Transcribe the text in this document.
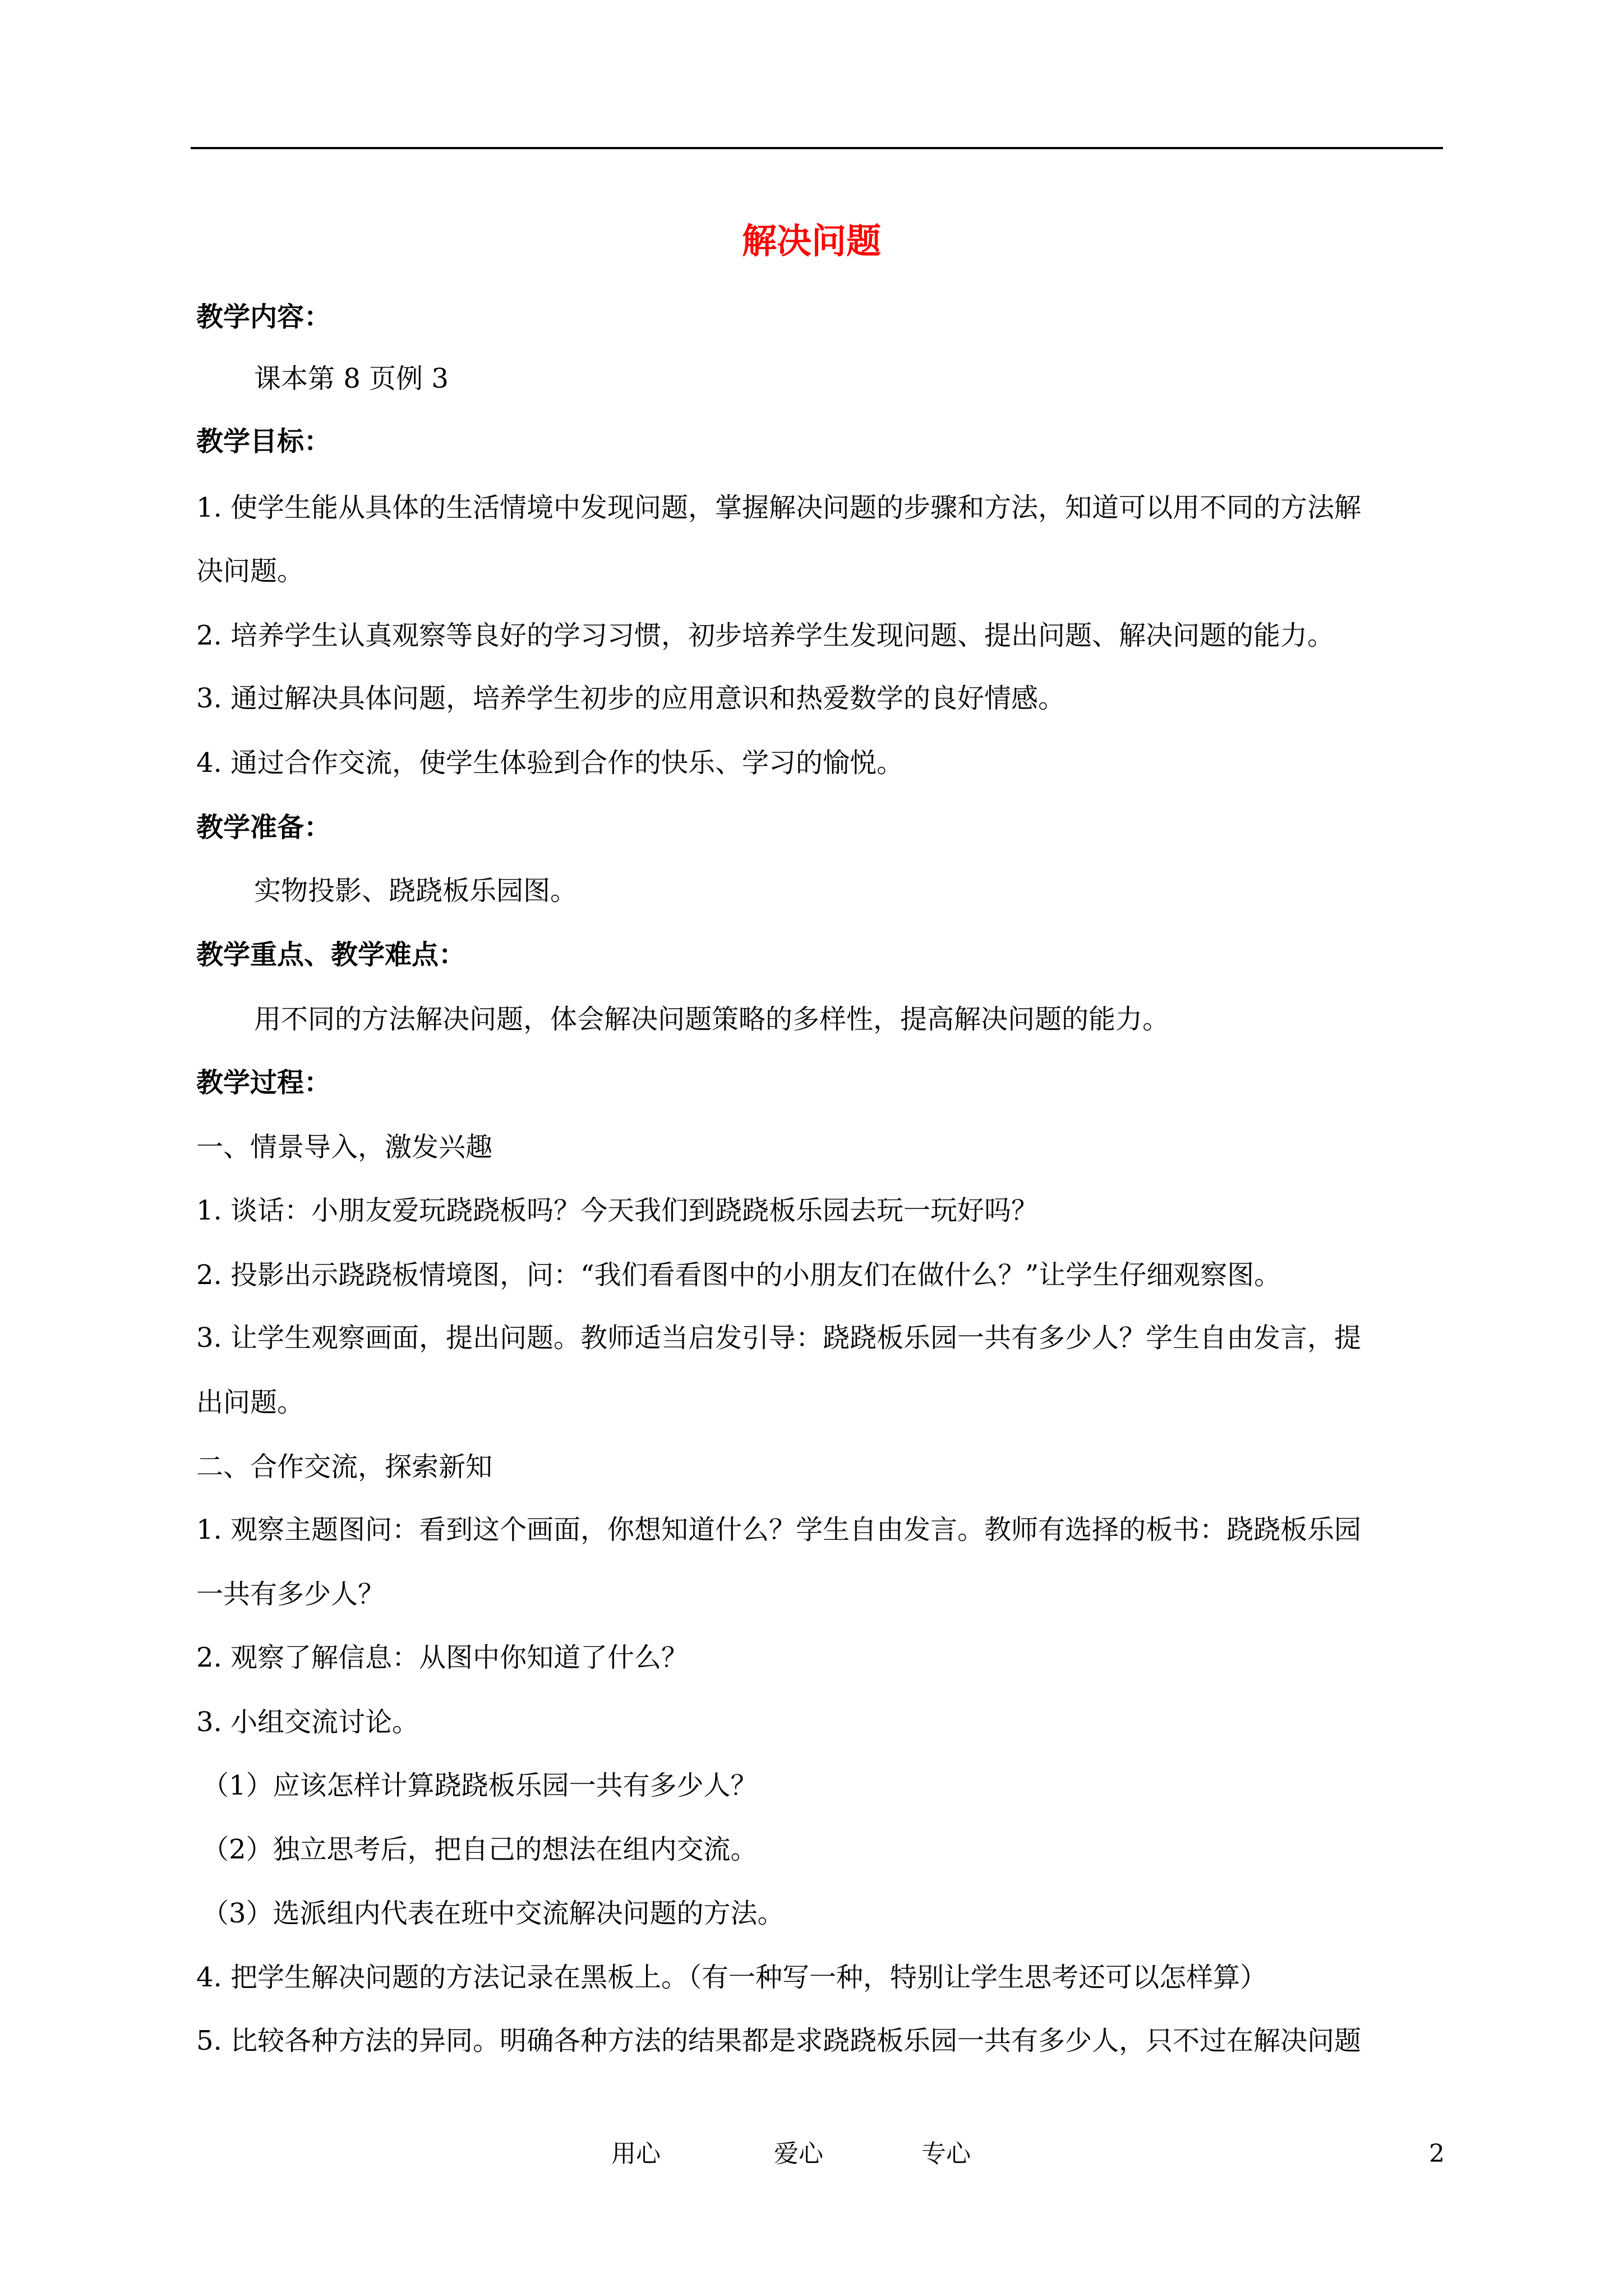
解决问题
教学内容：
课本第 8 页例 3
教学目标：
1. 使学生能从具体的生活情境中发现问题，掌握解决问题的步骤和方法，知道可以用不同的方法解
决问题。
2. 培养学生认真观察等良好的学习习惯，初步培养学生发现问题、提出问题、解决问题的能力。
3. 通过解决具体问题，培养学生初步的应用意识和热爱数学的良好情感。
4. 通过合作交流，使学生体验到合作的快乐、学习的愉悦。
教学准备：
实物投影、跷跷板乐园图。
教学重点、教学难点：
用不同的方法解决问题，体会解决问题策略的多样性，提高解决问题的能力。
教学过程：
一、情景导入，激发兴趣
1. 谈话：小朋友爱玩跷跷板吗？今天我们到跷跷板乐园去玩一玩好吗？
2. 投影出示跷跷板情境图，问：“我们看看图中的小朋友们在做什么？”让学生仔细观察图。
3. 让学生观察画面，提出问题。教师适当启发引导：跷跷板乐园一共有多少人？学生自由发言，提
出问题。
二、合作交流，探索新知
1. 观察主题图问：看到这个画面，你想知道什么？学生自由发言。教师有选择的板书：跷跷板乐园
一共有多少人？
2. 观察了解信息：从图中你知道了什么？
3. 小组交流讨论。
（1）应该怎样计算跷跷板乐园一共有多少人？
（2）独立思考后，把自己的想法在组内交流。
（3）选派组内代表在班中交流解决问题的方法。
4. 把学生解决问题的方法记录在黑板上。（有一种写一种，特别让学生思考还可以怎样算）
5. 比较各种方法的异同。明确各种方法的结果都是求跷跷板乐园一共有多少人，只不过在解决问题
用心	爱心	专心	2
